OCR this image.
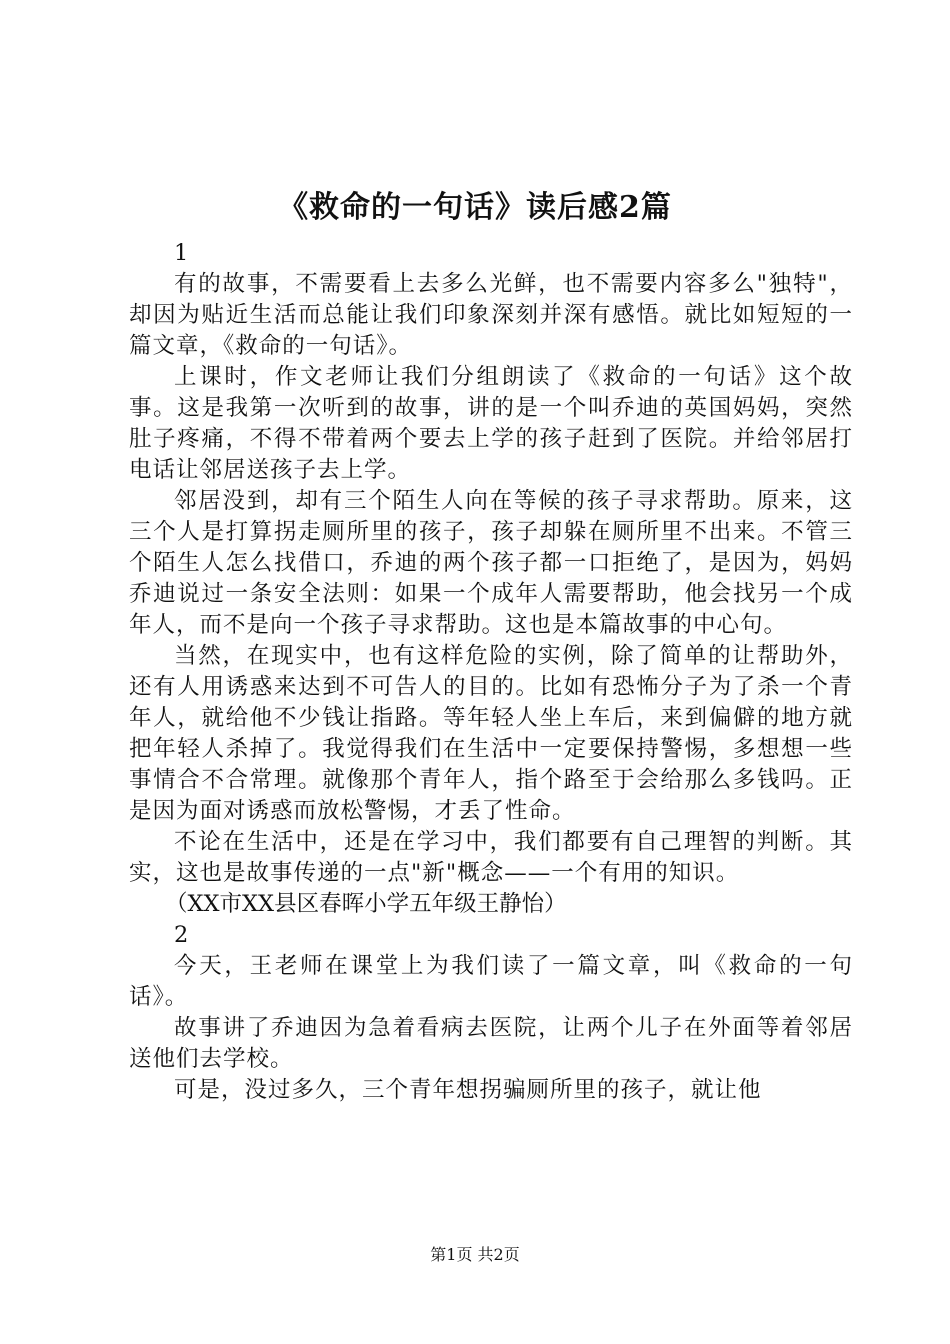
《救命的一句话》读后感2篇

1

有的故事，不需要看上去多么光鲜，也不需要内容多么"独特"，却因为贴近生活而总能让我们印象深刻并深有感悟。就比如短短的一篇文章，《救命的一句话》。

上课时，作文老师让我们分组朗读了《救命的一句话》这个故事。这是我第一次听到的故事，讲的是一个叫乔迪的英国妈妈，突然肚子疼痛，不得不带着两个要去上学的孩子赶到了医院。并给邻居打电话让邻居送孩子去上学。

邻居没到，却有三个陌生人向在等候的孩子寻求帮助。原来，这三个人是打算拐走厕所里的孩子，孩子却躲在厕所里不出来。不管三个陌生人怎么找借口，乔迪的两个孩子都一口拒绝了，是因为，妈妈乔迪说过一条安全法则：如果一个成年人需要帮助，他会找另一个成年人，而不是向一个孩子寻求帮助。这也是本篇故事的中心句。

当然，在现实中，也有这样危险的实例，除了简单的让帮助外，还有人用诱惑来达到不可告人的目的。比如有恐怖分子为了杀一个青年人，就给他不少钱让指路。等年轻人坐上车后，来到偏僻的地方就把年轻人杀掉了。我觉得我们在生活中一定要保持警惕，多想想一些事情合不合常理。就像那个青年人，指个路至于会给那么多钱吗。正是因为面对诱惑而放松警惕，才丢了性命。

不论在生活中，还是在学习中，我们都要有自己理智的判断。其实，这也是故事传递的一点"新"概念——一个有用的知识。

（XX市XX县区春晖小学五年级王静怡）

2

今天，王老师在课堂上为我们读了一篇文章，叫《救命的一句话》。

故事讲了乔迪因为急着看病去医院，让两个儿子在外面等着邻居送他们去学校。

可是，没过多久，三个青年想拐骗厕所里的孩子，就让他

第1页 共2页
